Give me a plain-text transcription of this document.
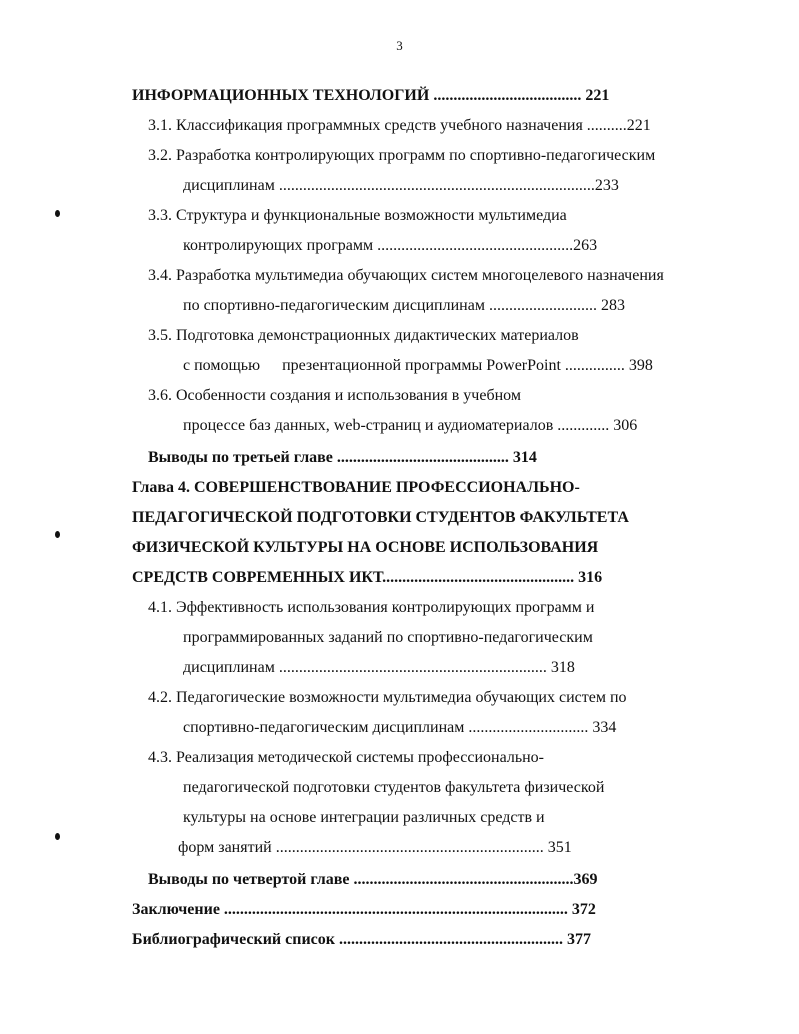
3
ИНФОРМАЦИОННЫХ ТЕХНОЛОГИЙ ..................................... 221
3.1. Классификация программных средств учебного назначения ..........221
3.2. Разработка контролирующих программ по спортивно-педагогическим
дисциплинам ...............................................................................233
3.3. Структура и функциональные возможности мультимедиа
контролирующих программ .................................................263
3.4. Разработка мультимедиа обучающих систем многоцелевого назначения
по спортивно-педагогическим дисциплинам ........................... 283
3.5. Подготовка демонстрационных дидактических материалов
с помощью презентационной программы PowerPoint ............... 398
3.6. Особенности создания и использования в учебном
процессе баз данных, web-страниц и аудиоматериалов ............. 306
Выводы по третьей главе ........................................... 314
Глава 4. СОВЕРШЕНСТВОВАНИЕ ПРОФЕССИОНАЛЬНО-
ПЕДАГОГИЧЕСКОЙ ПОДГОТОВКИ СТУДЕНТОВ ФАКУЛЬТЕТА
ФИЗИЧЕСКОЙ КУЛЬТУРЫ НА ОСНОВЕ ИСПОЛЬЗОВАНИЯ
СРЕДСТВ СОВРЕМЕННЫХ ИКТ................................................ 316
4.1. Эффективность использования контролирующих программ и
программированных заданий по спортивно-педагогическим
дисциплинам ................................................................... 318
4.2. Педагогические возможности мультимедиа обучающих систем по
спортивно-педагогическим дисциплинам .............................. 334
4.3. Реализация методической системы профессионально-
педагогической подготовки студентов факультета физической
культуры на основе интеграции различных средств и
форм занятий ................................................................... 351
Выводы по четвертой главе .......................................................369
Заключение ...................................................................................... 372
Библиографический список ........................................................ 377
